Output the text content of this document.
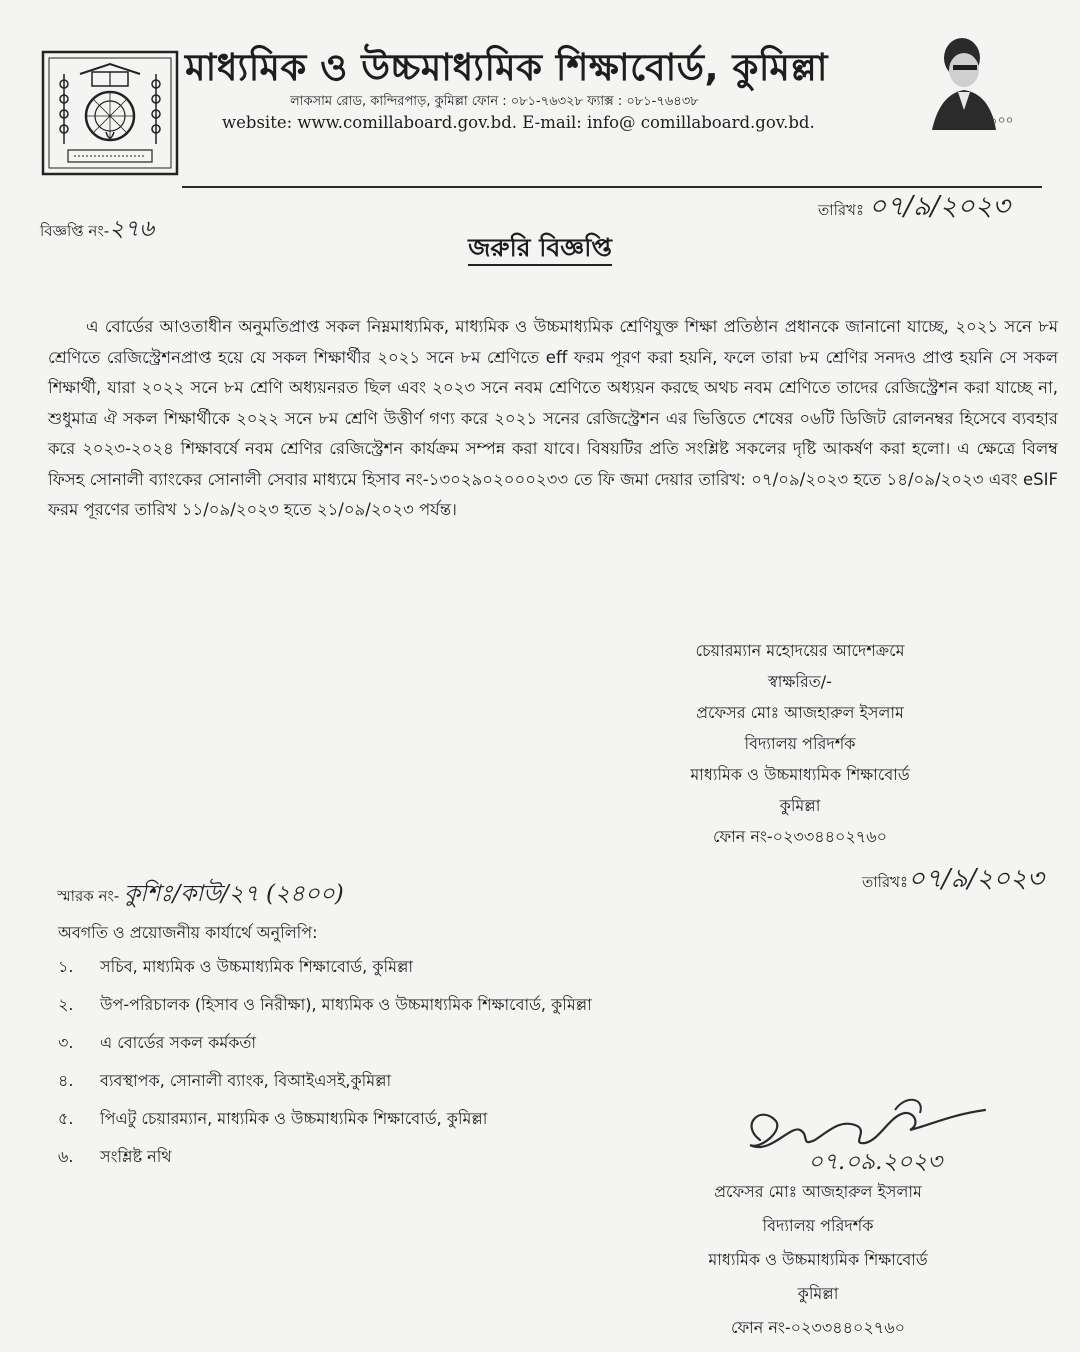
মাধ্যমিক ও উচ্চমাধ্যমিক শিক্ষাবোর্ড, কুমিল্লা
লাকসাম রোড, কান্দিরপাড়, কুমিল্লা ফোন : ০৮১-৭৬৩২৮ ফ্যাক্স : ০৮১-৭৬৪৩৮
website: www.comillaboard.gov.bd. E-mail: info@ comillaboard.gov.bd.	১০০
বিজ্ঞপ্তি নং-২৭৬
তারিখঃ ০৭/৯/২০২৩
জরুরি বিজ্ঞপ্তি
এ বোর্ডের আওতাধীন অনুমতিপ্রাপ্ত সকল নিম্নমাধ্যমিক, মাধ্যমিক ও উচ্চমাধ্যমিক শ্রেণিযুক্ত শিক্ষা প্রতিষ্ঠান প্রধানকে জানানো যাচ্ছে, ২০২১ সনে ৮ম শ্রেণিতে রেজিস্ট্রেশনপ্রাপ্ত হয়ে যে সকল শিক্ষার্থীর ২০২১ সনে ৮ম শ্রেণিতে eff ফরম পূরণ করা হয়নি, ফলে তারা ৮ম শ্রেণির সনদও প্রাপ্ত হয়নি সে সকল শিক্ষার্থী, যারা ২০২২ সনে ৮ম শ্রেণি অধ্যয়নরত ছিল এবং ২০২৩ সনে নবম শ্রেণিতে অধ্যয়ন করছে অথচ নবম শ্রেণিতে তাদের রেজিস্ট্রেশন করা যাচ্ছে না, শুধুমাত্র ঐ সকল শিক্ষার্থীকে ২০২২ সনে ৮ম শ্রেণি উত্তীর্ণ গণ্য করে ২০২১ সনের রেজিস্ট্রেশন এর ভিত্তিতে শেষের ০৬টি ডিজিট রোলনম্বর হিসেবে ব্যবহার করে ২০২৩-২০২৪ শিক্ষাবর্ষে নবম শ্রেণির রেজিস্ট্রেশন কার্যক্রম সম্পন্ন করা যাবে। বিষয়টির প্রতি সংশ্লিষ্ট সকলের দৃষ্টি আকর্ষণ করা হলো। এ ক্ষেত্রে বিলম্ব ফিসহ সোনালী ব্যাংকের সোনালী সেবার মাধ্যমে হিসাব নং-১৩০২৯০২০০০২৩৩ তে ফি জমা দেয়ার তারিখ: ০৭/০৯/২০২৩ হতে ১৪/০৯/২০২৩ এবং eSIF ফরম পূরণের তারিখ ১১/০৯/২০২৩ হতে ২১/০৯/২০২৩ পর্যন্ত।
চেয়ারম্যান মহোদয়ের আদেশক্রমে
স্বাক্ষরিত/-
প্রফেসর মোঃ আজহারুল ইসলাম
বিদ্যালয় পরিদর্শক
মাধ্যমিক ও উচ্চমাধ্যমিক শিক্ষাবোর্ড
কুমিল্লা
ফোন নং-০২৩৩৪৪০২৭৬০
তারিখঃ০৭/৯/২০২৩
স্মারক নং- কুশিঃ/কাউ/২৭ (২৪০০)
অবগতি ও প্রয়োজনীয় কার্যার্থে অনুলিপি:
১. সচিব, মাধ্যমিক ও উচ্চমাধ্যমিক শিক্ষাবোর্ড, কুমিল্লা
২. উপ-পরিচালক (হিসাব ও নিরীক্ষা), মাধ্যমিক ও উচ্চমাধ্যমিক শিক্ষাবোর্ড, কুমিল্লা
৩. এ বোর্ডের সকল কর্মকর্তা
৪. ব্যবস্থাপক, সোনালী ব্যাংক, বিআইএসই,কুমিল্লা
৫. পিএটু চেয়ারম্যান, মাধ্যমিক ও উচ্চমাধ্যমিক শিক্ষাবোর্ড, কুমিল্লা
৬. সংশ্লিষ্ট নথি	০৭.০৯.২০২৩
প্রফেসর মোঃ আজহারুল ইসলাম
বিদ্যালয় পরিদর্শক
মাধ্যমিক ও উচ্চমাধ্যমিক শিক্ষাবোর্ড
কুমিল্লা
ফোন নং-০২৩৩৪৪০২৭৬০
